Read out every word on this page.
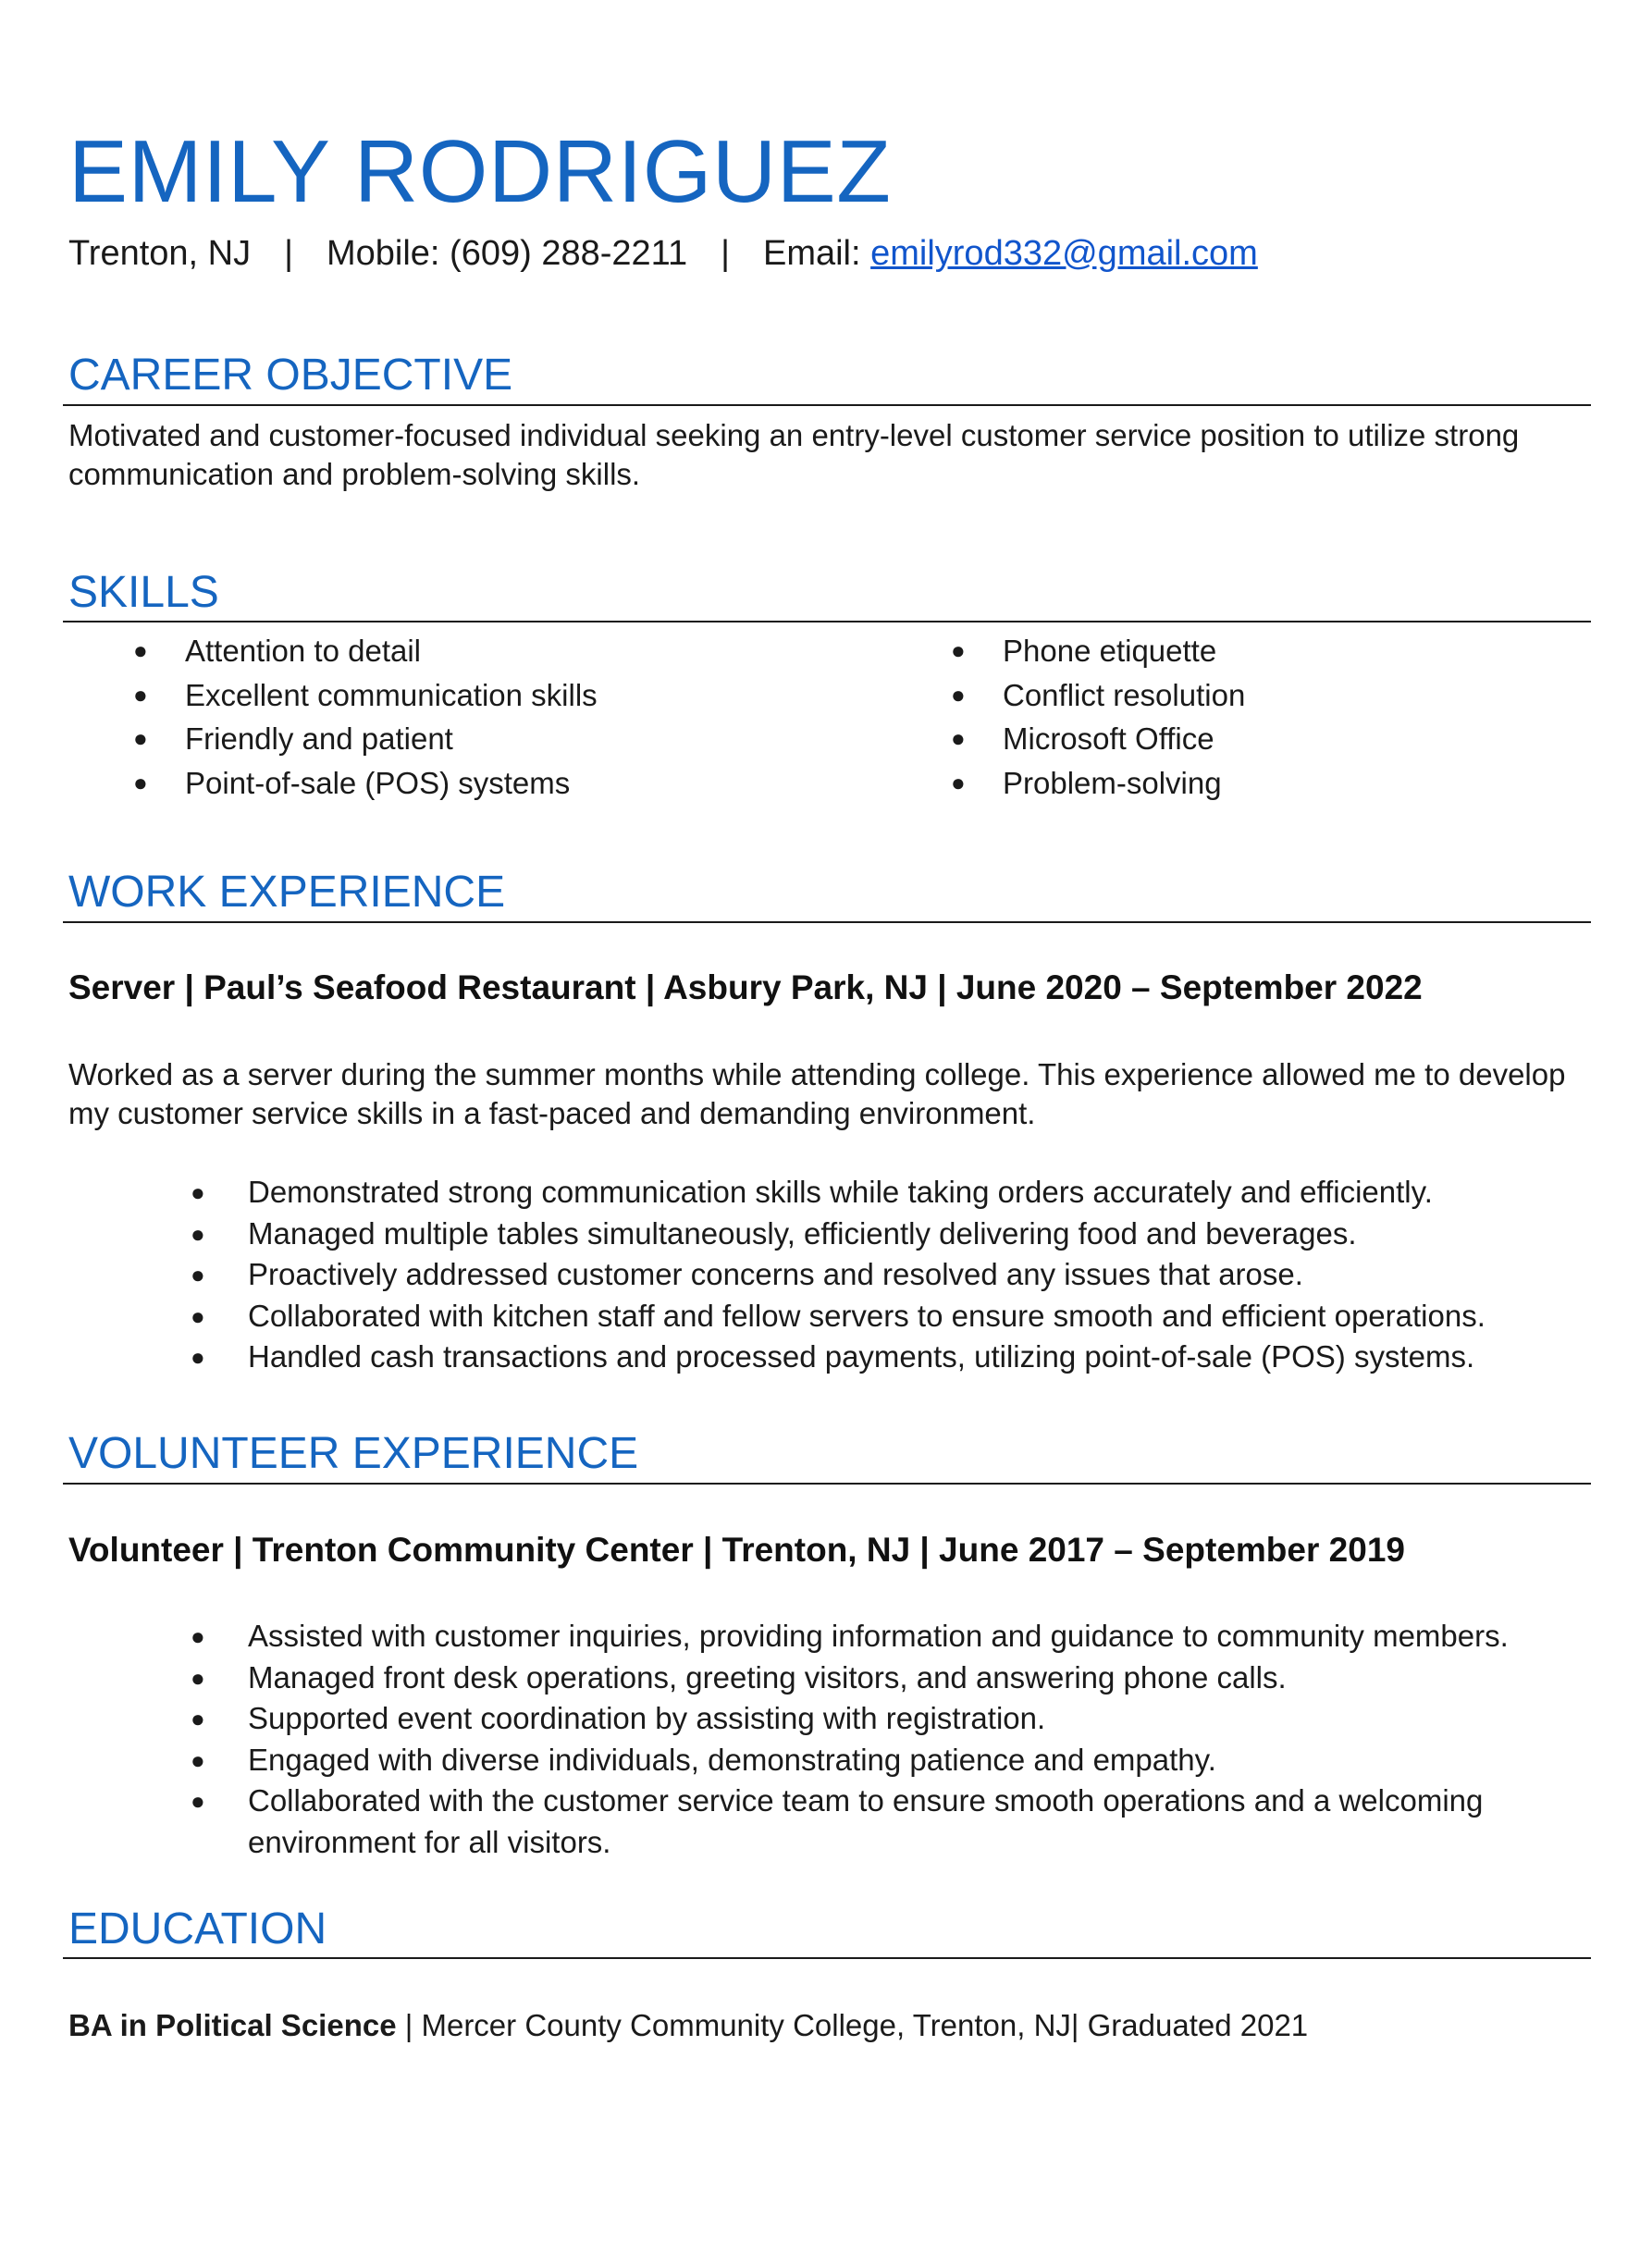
EMILY RODRIGUEZ
Trenton, NJ | Mobile: (609) 288-2211 | Email: emilyrod332@gmail.com
CAREER OBJECTIVE

Motivated and customer-focused individual seeking an entry-level customer service position to utilize strong communication and problem-solving skills.

SKILLS
● Attention to detail
● Excellent communication skills
● Friendly and patient
● Point-of-sale (POS) systems
● Phone etiquette
● Conflict resolution
● Microsoft Office
● Problem-solving
WORK EXPERIENCE
Server | Paul’s Seafood Restaurant | Asbury Park, NJ | June 2020 – September 2022

Worked as a server during the summer months while attending college. This experience allowed me to develop my customer service skills in a fast-paced and demanding environment.

● Demonstrated strong communication skills while taking orders accurately and efficiently.
● Managed multiple tables simultaneously, efficiently delivering food and beverages.
● Proactively addressed customer concerns and resolved any issues that arose.
● Collaborated with kitchen staff and fellow servers to ensure smooth and efficient operations.
● Handled cash transactions and processed payments, utilizing point-of-sale (POS) systems.
VOLUNTEER EXPERIENCE
Volunteer | Trenton Community Center | Trenton, NJ | June 2017 – September 2019
● Assisted with customer inquiries, providing information and guidance to community members.
● Managed front desk operations, greeting visitors, and answering phone calls.
● Supported event coordination by assisting with registration.
● Engaged with diverse individuals, demonstrating patience and empathy.
● Collaborated with the customer service team to ensure smooth operations and a welcoming environment for all visitors.
EDUCATION
BA in Political Science | Mercer County Community College, Trenton, NJ| Graduated 2021
